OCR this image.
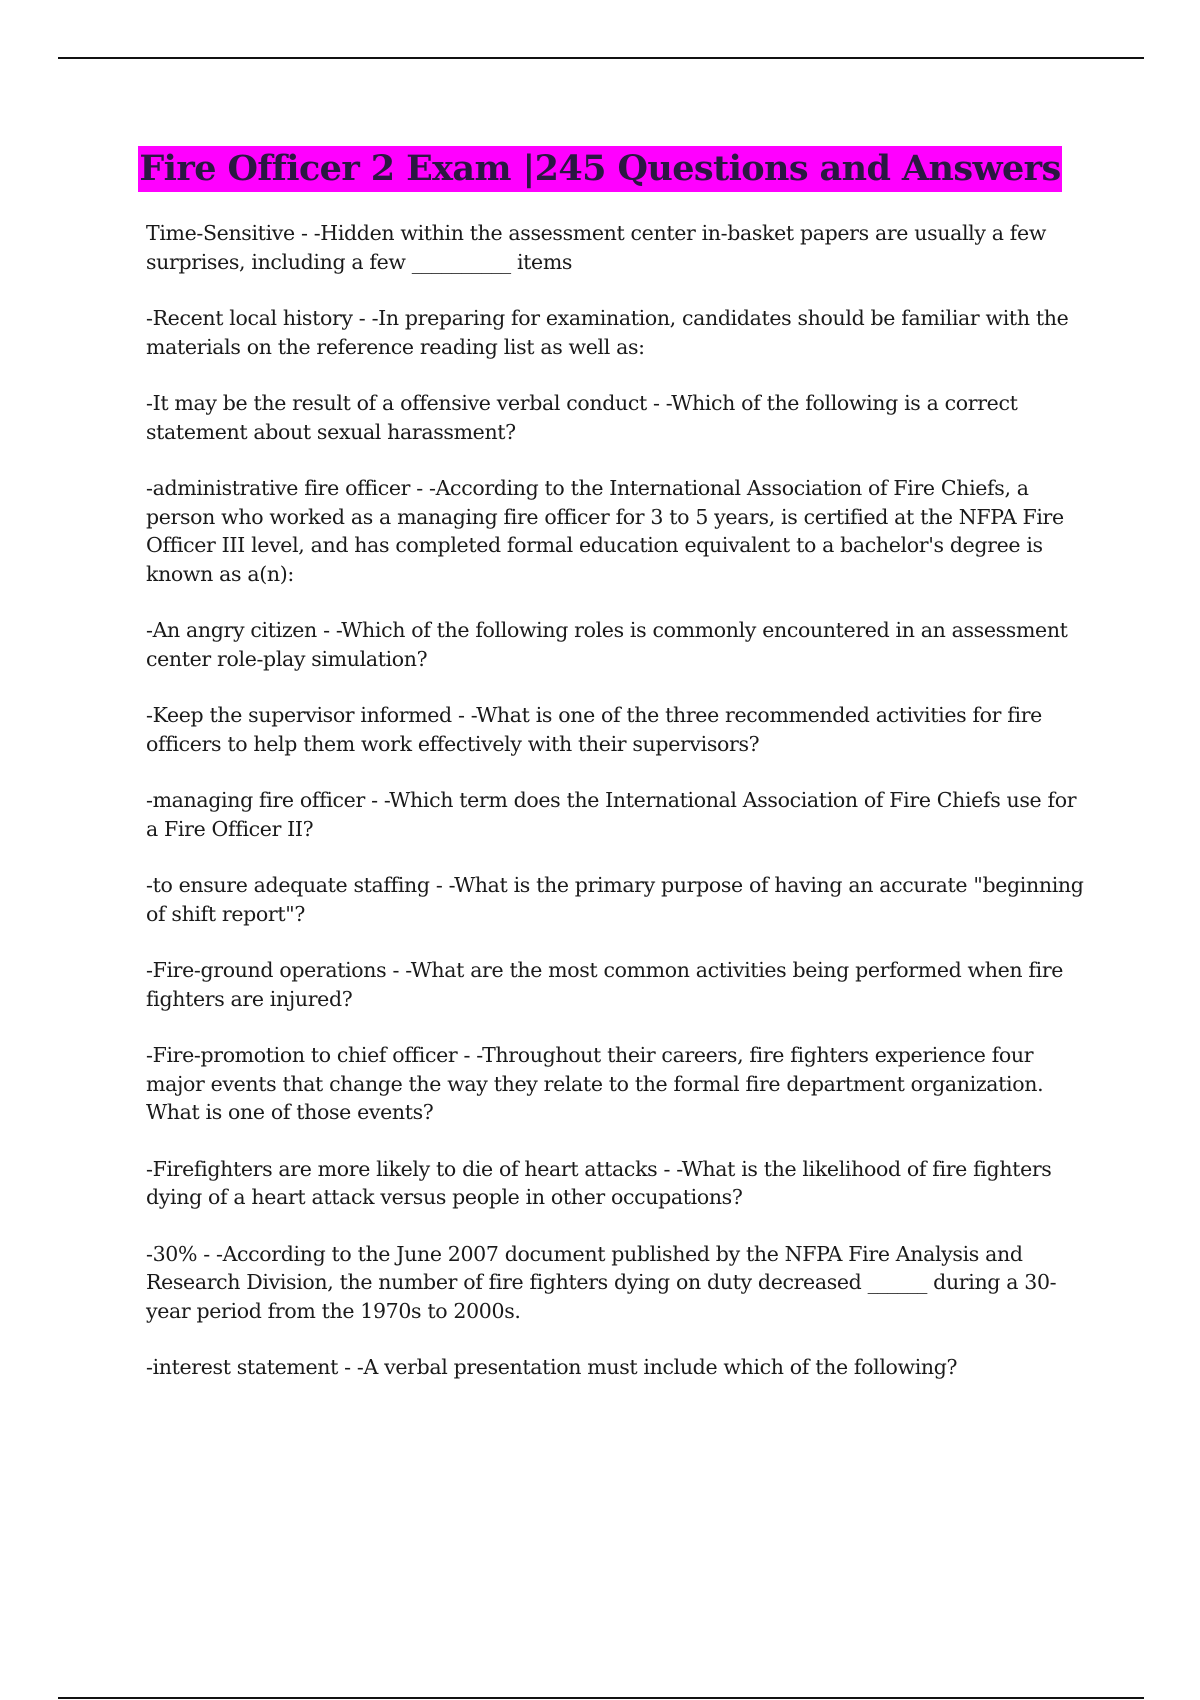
Fire Officer 2 Exam |245 Questions and Answers

Time-Sensitive - -Hidden within the assessment center in-basket papers are usually a few surprises, including a few __________ items

-Recent local history - -In preparing for examination, candidates should be familiar with the materials on the reference reading list as well as:

-It may be the result of a offensive verbal conduct - -Which of the following is a correct statement about sexual harassment?

-administrative fire officer - -According to the International Association of Fire Chiefs, a person who worked as a managing fire officer for 3 to 5 years, is certified at the NFPA Fire Officer III level, and has completed formal education equivalent to a bachelor's degree is known as a(n):

-An angry citizen - -Which of the following roles is commonly encountered in an assessment center role-play simulation?

-Keep the supervisor informed - -What is one of the three recommended activities for fire officers to help them work effectively with their supervisors?

-managing fire officer - -Which term does the International Association of Fire Chiefs use for a Fire Officer II?

-to ensure adequate staffing - -What is the primary purpose of having an accurate "beginning of shift report"?

-Fire-ground operations - -What are the most common activities being performed when fire fighters are injured?

-Fire-promotion to chief officer - -Throughout their careers, fire fighters experience four major events that change the way they relate to the formal fire department organization. What is one of those events?

-Firefighters are more likely to die of heart attacks - -What is the likelihood of fire fighters dying of a heart attack versus people in other occupations?

-30% - -According to the June 2007 document published by the NFPA Fire Analysis and Research Division, the number of fire fighters dying on duty decreased ______ during a 30-year period from the 1970s to 2000s.

-interest statement - -A verbal presentation must include which of the following?
